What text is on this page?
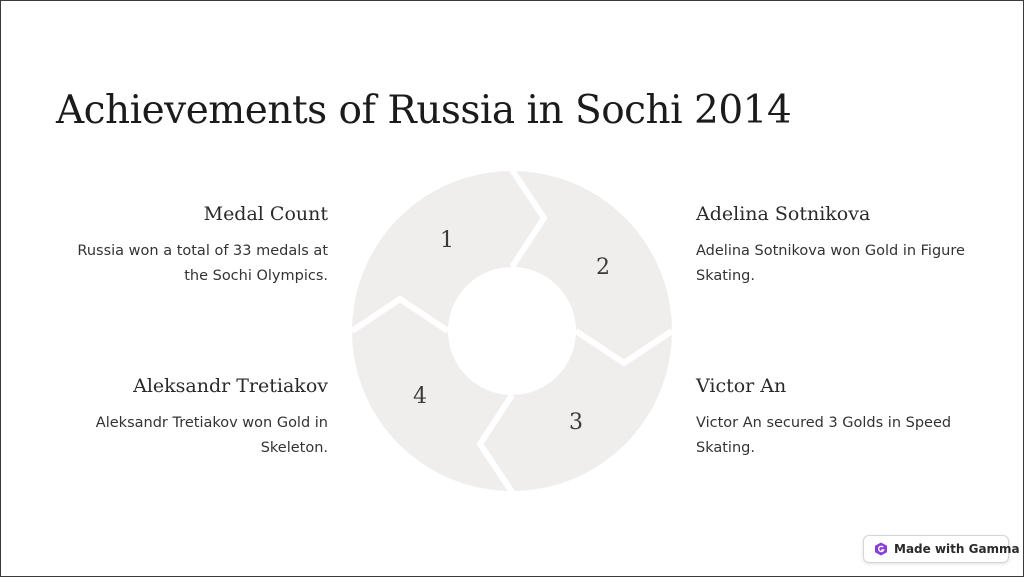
Achievements of Russia in Sochi 2014

Medal Count

Russia won a total of 33 medals at the Sochi Olympics.

Aleksandr Tretiakov

Aleksandr Tretiakov won Gold in Skeleton.

Adelina Sotnikova

Adelina Sotnikova won Gold in Figure Skating.

Victor An

Victor An secured 3 Golds in Speed Skating.

1
2
3
4
Made with Gamma
